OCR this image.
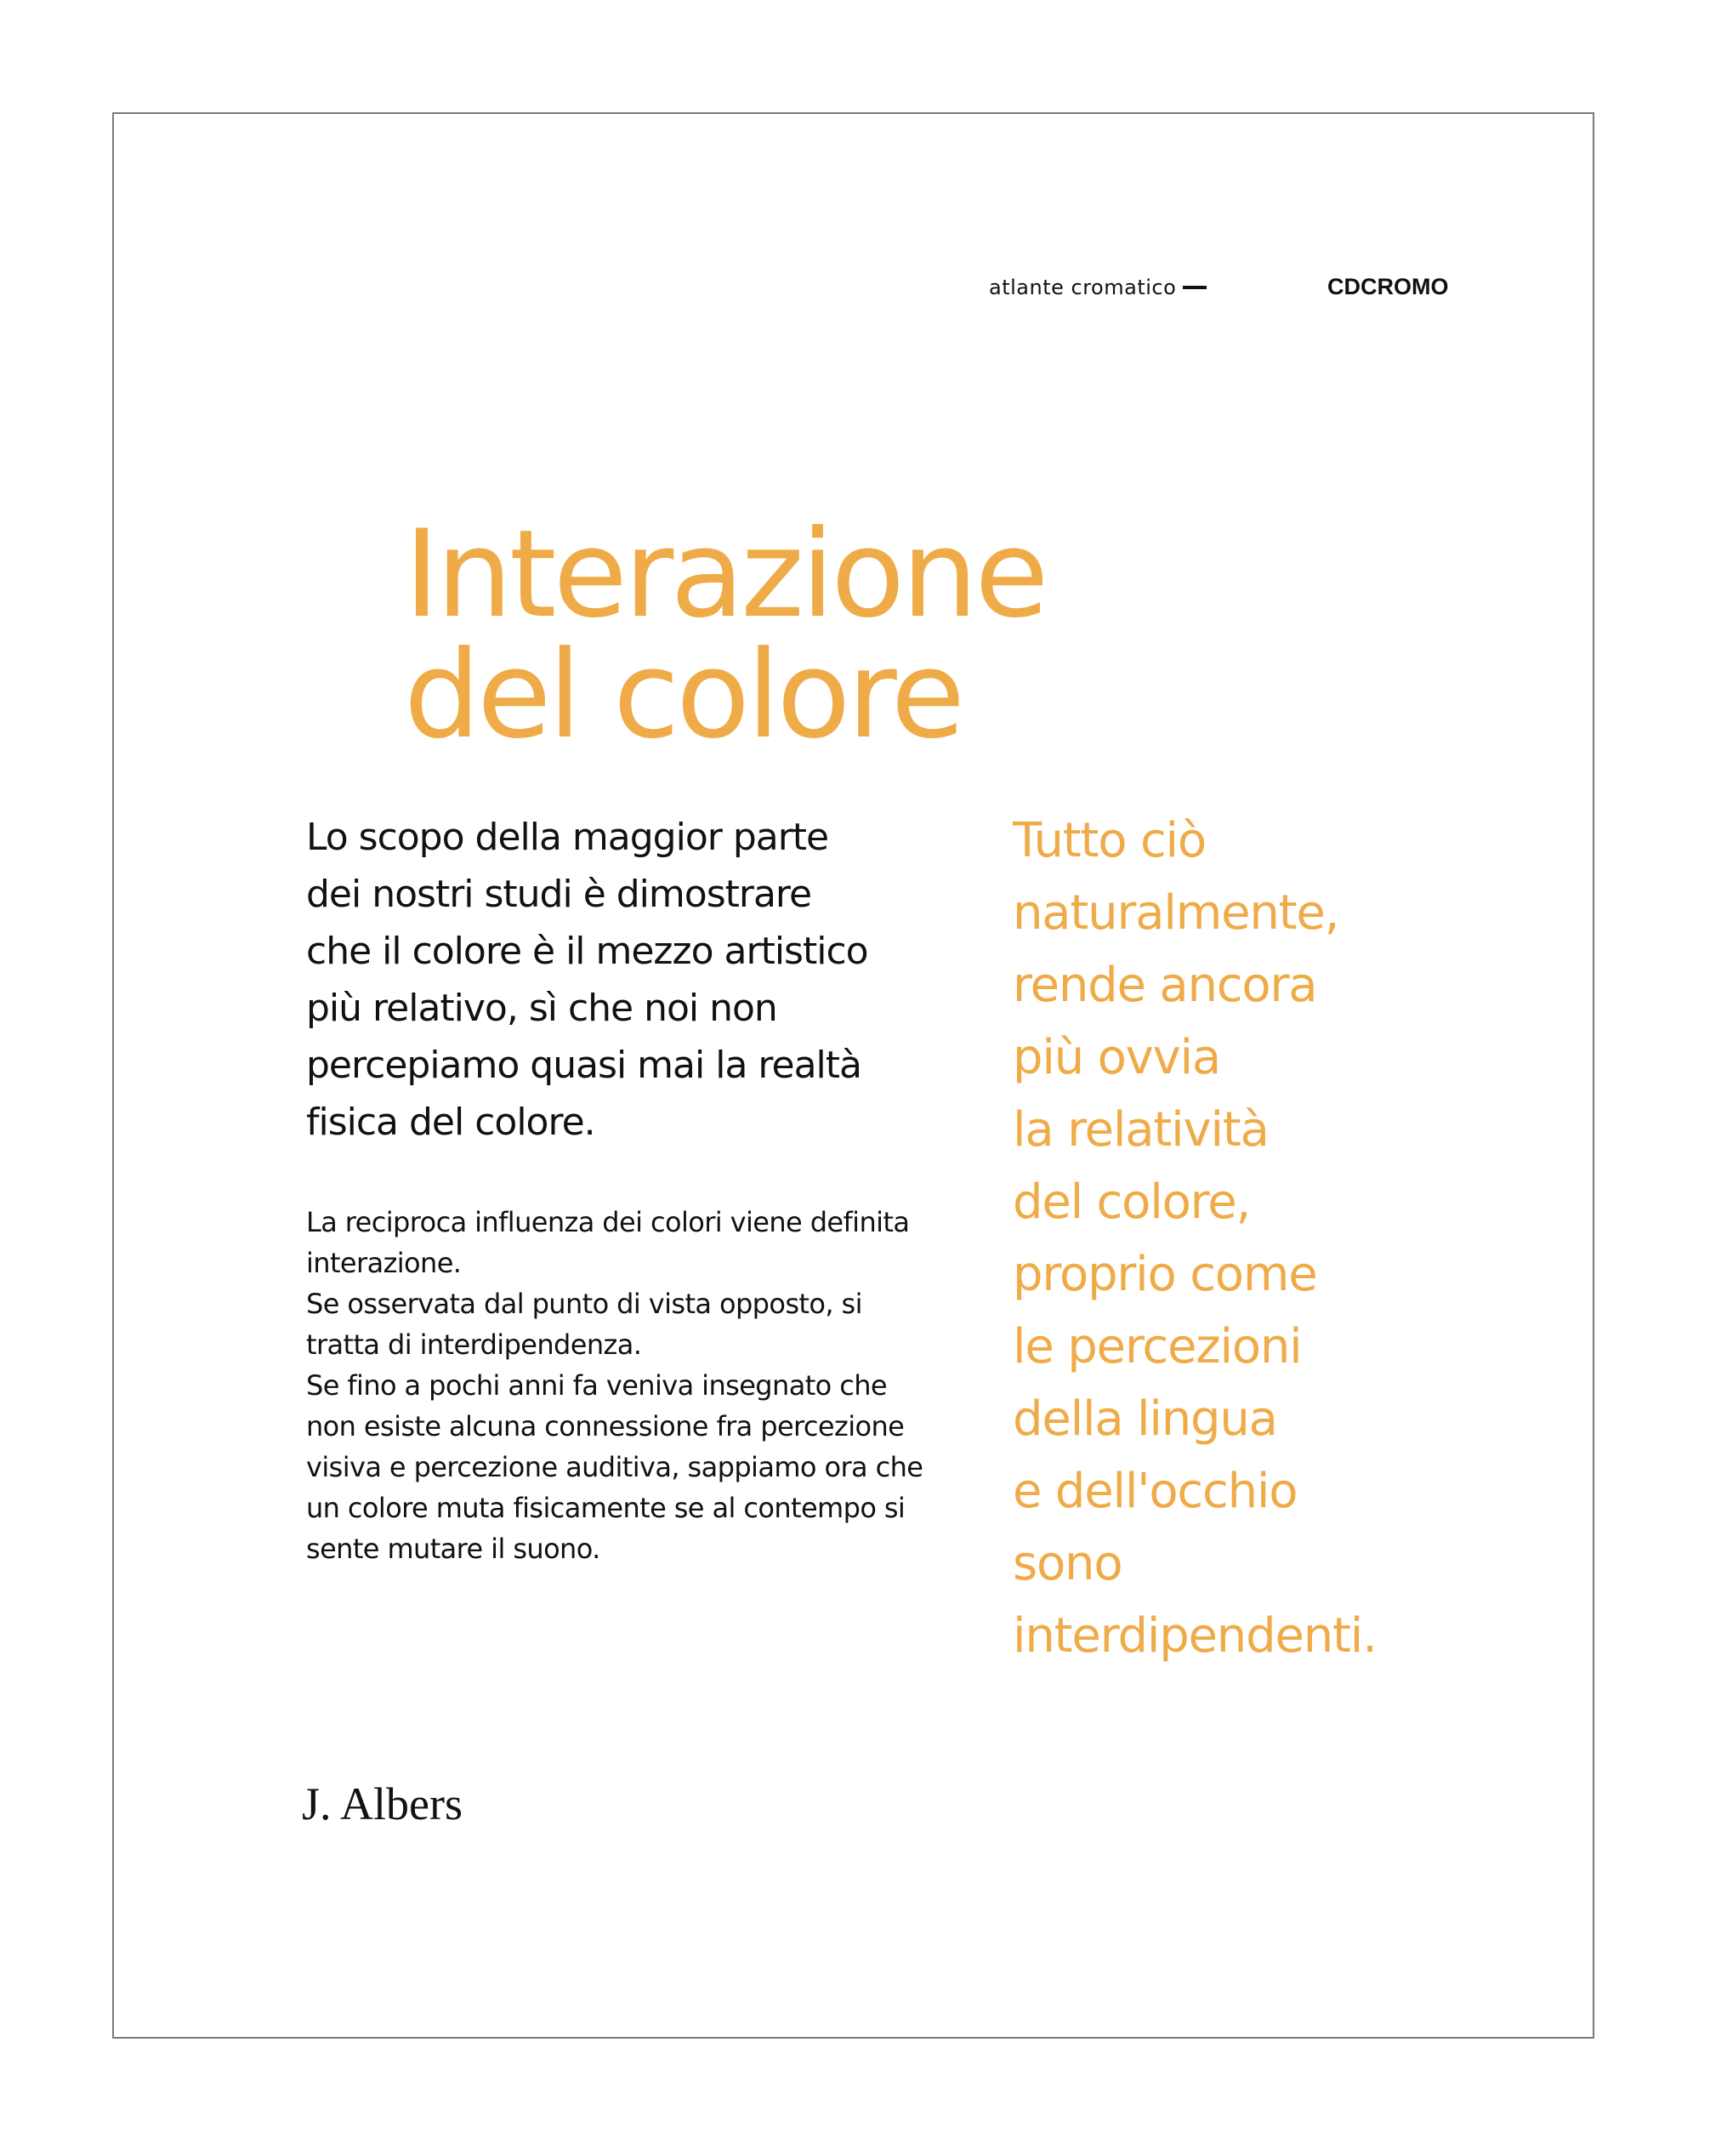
atlante cromatico	CDCROMO
Interazione
del colore

Lo scopo della maggior parte
dei nostri studi è dimostrare
che il colore è il mezzo artistico
più relativo, sì che noi non
percepiamo quasi mai la realtà
fisica del colore.

La reciproca influenza dei colori viene definita
interazione.
Se osservata dal punto di vista opposto, si
tratta di interdipendenza.
Se fino a pochi anni fa veniva insegnato che
non esiste alcuna connessione fra percezione
visiva e percezione auditiva, sappiamo ora che
un colore muta fisicamente se al contempo si
sente mutare il suono.

Tutto ciò
naturalmente,
rende ancora
più ovvia
la relatività
del colore,
proprio come
le percezioni
della lingua
e dell'occhio
sono
interdipendenti.

J. Albers
